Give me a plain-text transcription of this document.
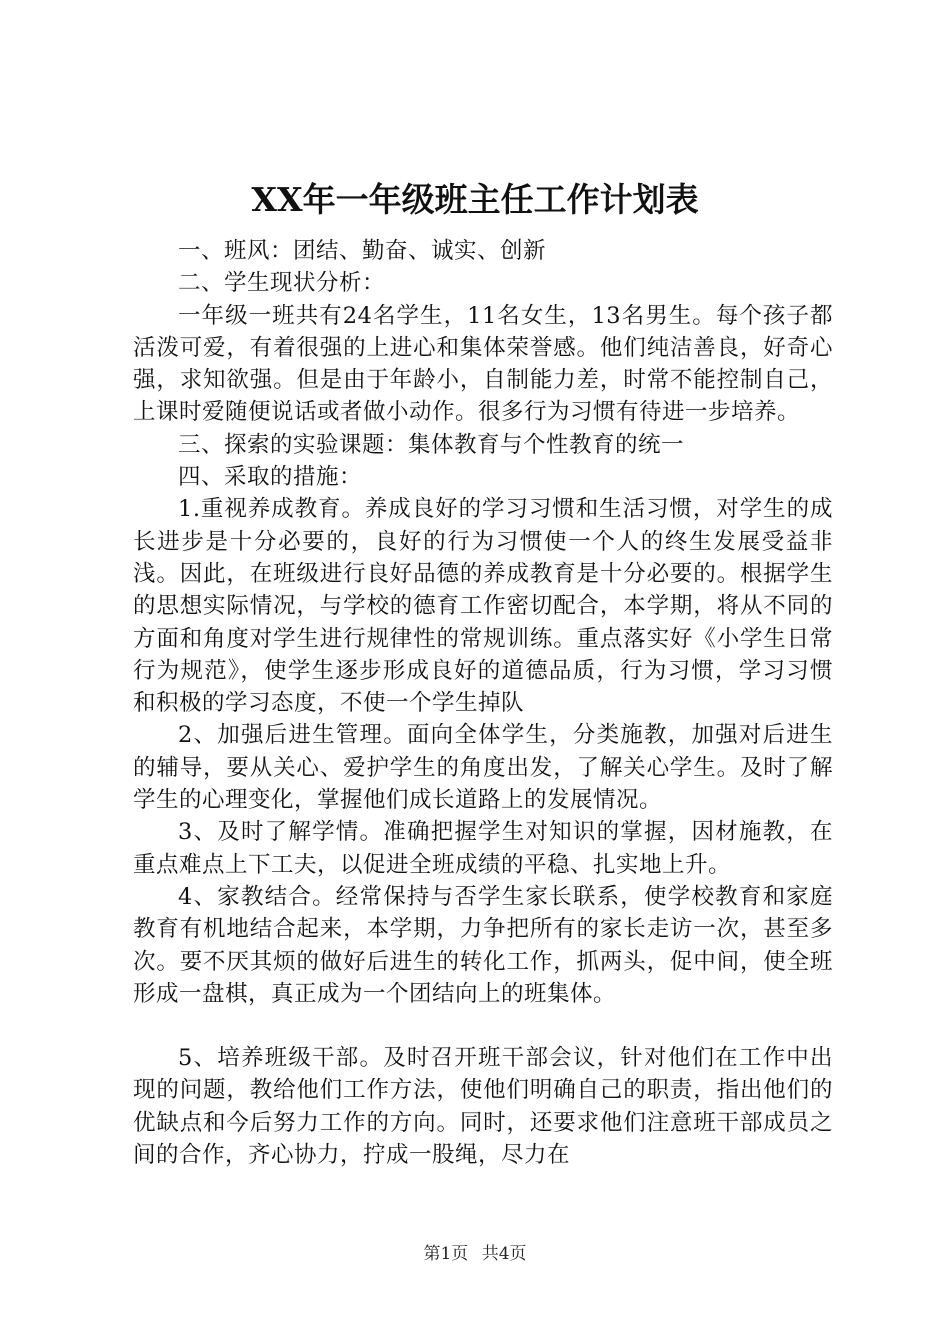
XX年一年级班主任工作计划表

一、班风：团结、勤奋、诚实、创新

二、学生现状分析：

一年级一班共有24名学生，11名女生，13名男生。每个孩子都活泼可爱，有着很强的上进心和集体荣誉感。他们纯洁善良，好奇心强，求知欲强。但是由于年龄小，自制能力差，时常不能控制自己，上课时爱随便说话或者做小动作。很多行为习惯有待进一步培养。

三、探索的实验课题：集体教育与个性教育的统一

四、采取的措施：

1.重视养成教育。养成良好的学习习惯和生活习惯，对学生的成长进步是十分必要的，良好的行为习惯使一个人的终生发展受益非浅。因此，在班级进行良好品德的养成教育是十分必要的。根据学生的思想实际情况，与学校的德育工作密切配合，本学期，将从不同的方面和角度对学生进行规律性的常规训练。重点落实好《小学生日常行为规范》，使学生逐步形成良好的道德品质，行为习惯，学习习惯和积极的学习态度，不使一个学生掉队

2、加强后进生管理。面向全体学生，分类施教，加强对后进生的辅导，要从关心、爱护学生的角度出发，了解关心学生。及时了解学生的心理变化，掌握他们成长道路上的发展情况。

3、及时了解学情。准确把握学生对知识的掌握，因材施教，在重点难点上下工夫，以促进全班成绩的平稳、扎实地上升。

4、家教结合。经常保持与否学生家长联系，使学校教育和家庭教育有机地结合起来，本学期，力争把所有的家长走访一次，甚至多次。要不厌其烦的做好后进生的转化工作，抓两头，促中间，使全班形成一盘棋，真正成为一个团结向上的班集体。

5、培养班级干部。及时召开班干部会议，针对他们在工作中出现的问题，教给他们工作方法，使他们明确自己的职责，指出他们的优缺点和今后努力工作的方向。同时，还要求他们注意班干部成员之间的合作，齐心协力，拧成一股绳，尽力在

第1页 共4页
